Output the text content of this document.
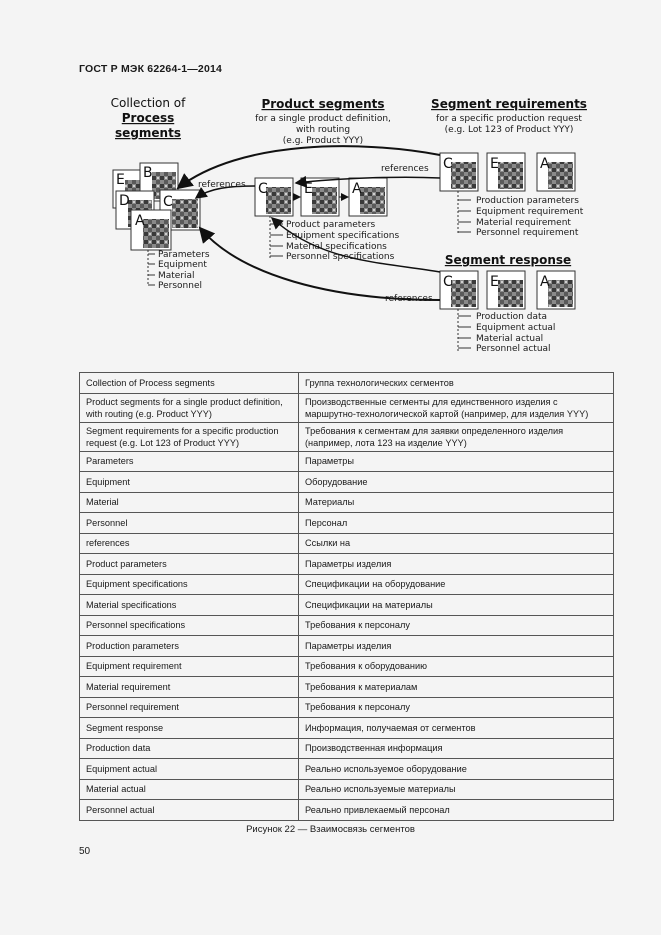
ГОСТ Р МЭК 62264-1—2014
Collection of
Process
segments
E B
D C
A
Parameters
Equipment
Material
Personnel
Product segments
for a single product definition,
with routing
(e.g. Product YYY)
C	E	A
Product parameters
Equipment specifications
Material specifications
Personnel specifications
Segment requirements
for a specific production request
(e.g. Lot 123 of Product YYY)
C	E	A
Production parameters
Equipment requirement
Material requirement
Personnel requirement
Segment response
C	E	A
Production data
Equipment actual
Material actual
Personnel actual
references
references
references
Collection of Process segments	Группа технологических сегментов
Product segments for a single product definition, with routing (e.g. Product YYY)	Производственные сегменты для единственного изделия с маршрутно-технологической картой (например, для изделия YYY)
Segment requirements for a specific production request (e.g. Lot 123 of Product YYY)	Требования к сегментам для заявки определенного изделия (например, лота 123 на изделие YYY)
Parameters	Параметры
Equipment	Оборудование
Material	Материалы
Personnel	Персонал
references	Ссылки на
Product parameters	Параметры изделия
Equipment specifications	Спецификации на оборудование
Material specifications	Спецификации на материалы
Personnel specifications	Требования к персоналу
Production parameters	Параметры изделия
Equipment requirement	Требования к оборудованию
Material requirement	Требования к материалам
Personnel requirement	Требования к персоналу
Segment response	Информация, получаемая от сегментов
Production data	Производственная информация
Equipment actual	Реально используемое оборудование
Material actual	Реально используемые материалы
Personnel actual	Реально привлекаемый персонал
Рисунок 22 — Взаимосвязь сегментов
50
